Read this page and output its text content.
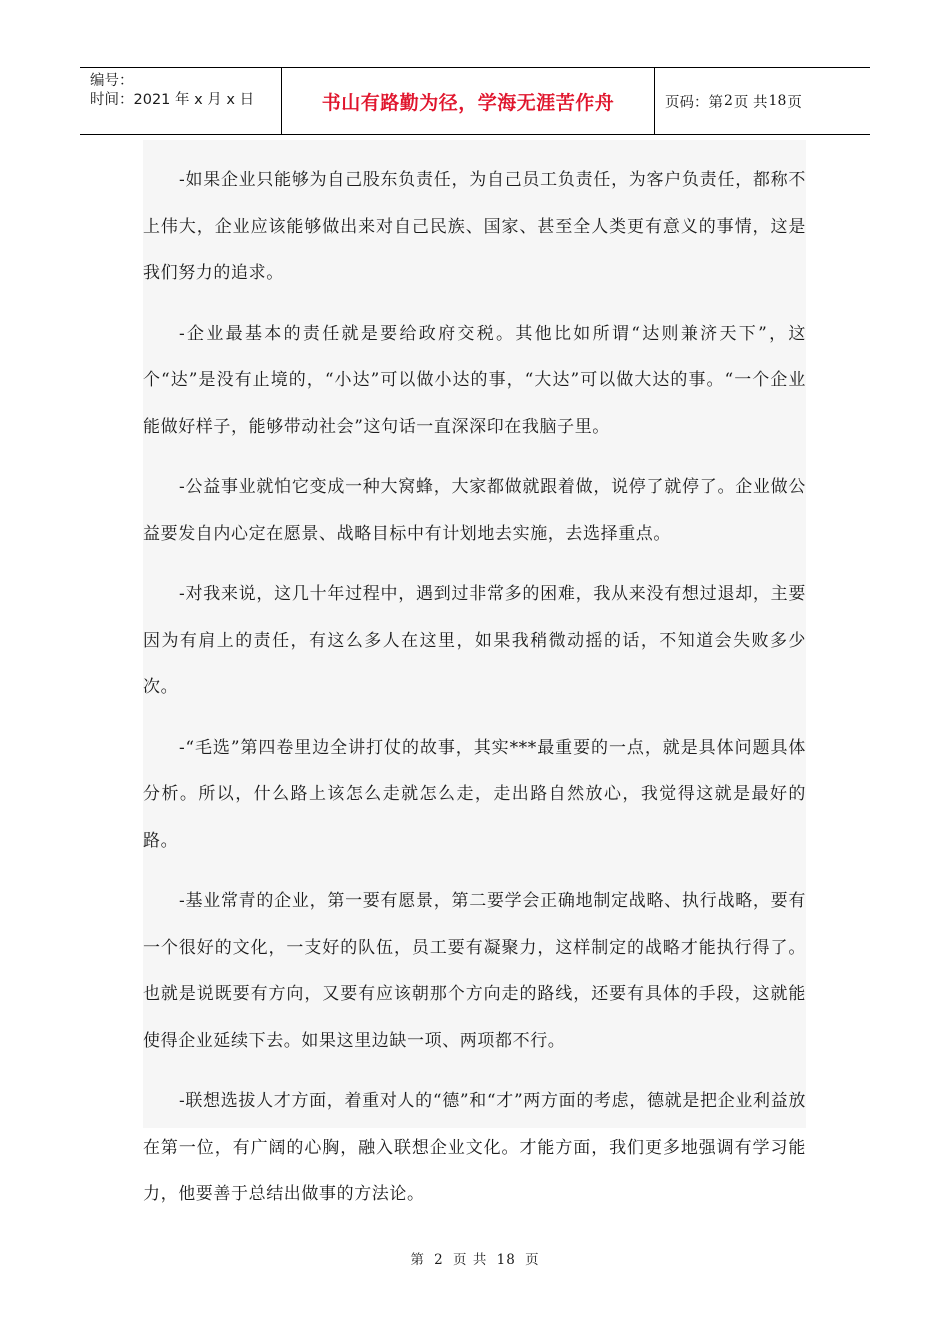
编号：
时间：2021 年 x 月 x 日	书山有路勤为径，学海无涯苦作舟	页码：第 2 页 共 18 页

-如果企业只能够为自己股东负责任，为自己员工负责任，为客户负责任，都称不上伟大，企业应该能够做出来对自己民族、国家、甚至全人类更有意义的事情，这是我们努力的追求。

-企业最基本的责任就是要给政府交税。其他比如所谓“达则兼济天下”，这个“达”是没有止境的，“小达”可以做小达的事，“大达”可以做大达的事。“一个企业能做好样子，能够带动社会”这句话一直深深印在我脑子里。

-公益事业就怕它变成一种大窝蜂，大家都做就跟着做，说停了就停了。企业做公益要发自内心定在愿景、战略目标中有计划地去实施，去选择重点。

-对我来说，这几十年过程中，遇到过非常多的困难，我从来没有想过退却，主要因为有肩上的责任，有这么多人在这里，如果我稍微动摇的话，不知道会失败多少次。

-“毛选”第四卷里边全讲打仗的故事，其实***最重要的一点，就是具体问题具体分析。所以，什么路上该怎么走就怎么走，走出路自然放心，我觉得这就是最好的路。

-基业常青的企业，第一要有愿景，第二要学会正确地制定战略、执行战略，要有一个很好的文化，一支好的队伍，员工要有凝聚力，这样制定的战略才能执行得了。也就是说既要有方向，又要有应该朝那个方向走的路线，还要有具体的手段，这就能使得企业延续下去。如果这里边缺一项、两项都不行。

-联想选拔人才方面，着重对人的“德”和“才”两方面的考虑，德就是把企业利益放在第一位，有广阔的心胸，融入联想企业文化。才能方面，我们更多地强调有学习能力，他要善于总结出做事的方法论。

第 2 页 共 18 页
